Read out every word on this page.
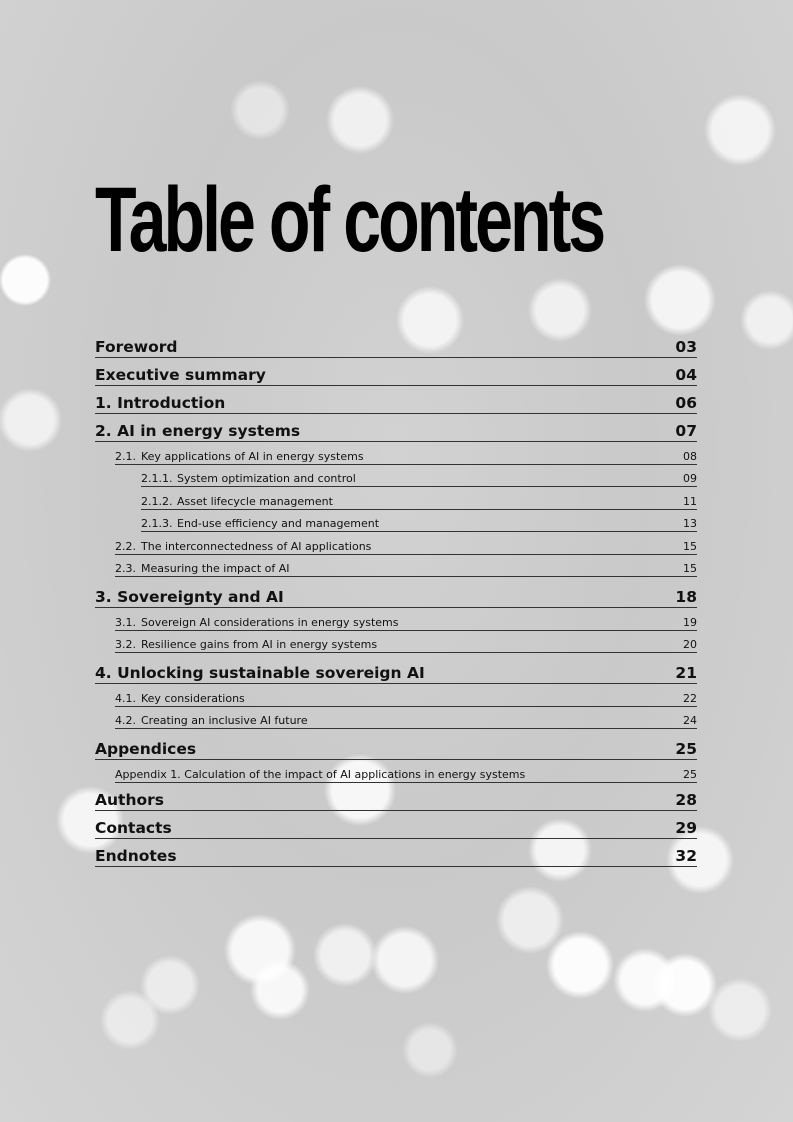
Table of contents
Foreword	03
Executive summary	04
1. Introduction	06
2. AI in energy systems	07
2.1. Key applications of AI in energy systems	08
2.1.1. System optimization and control	09
2.1.2. Asset lifecycle management	11
2.1.3. End-use efficiency and management	13
2.2. The interconnectedness of AI applications	15
2.3. Measuring the impact of AI	15
3. Sovereignty and AI	18
3.1. Sovereign AI considerations in energy systems	19
3.2. Resilience gains from AI in energy systems	20
4. Unlocking sustainable sovereign AI	21
4.1. Key considerations	22
4.2. Creating an inclusive AI future	24
Appendices	25
Appendix 1. Calculation of the impact of AI applications in energy systems	25
Authors	28
Contacts	29
Endnotes	32
